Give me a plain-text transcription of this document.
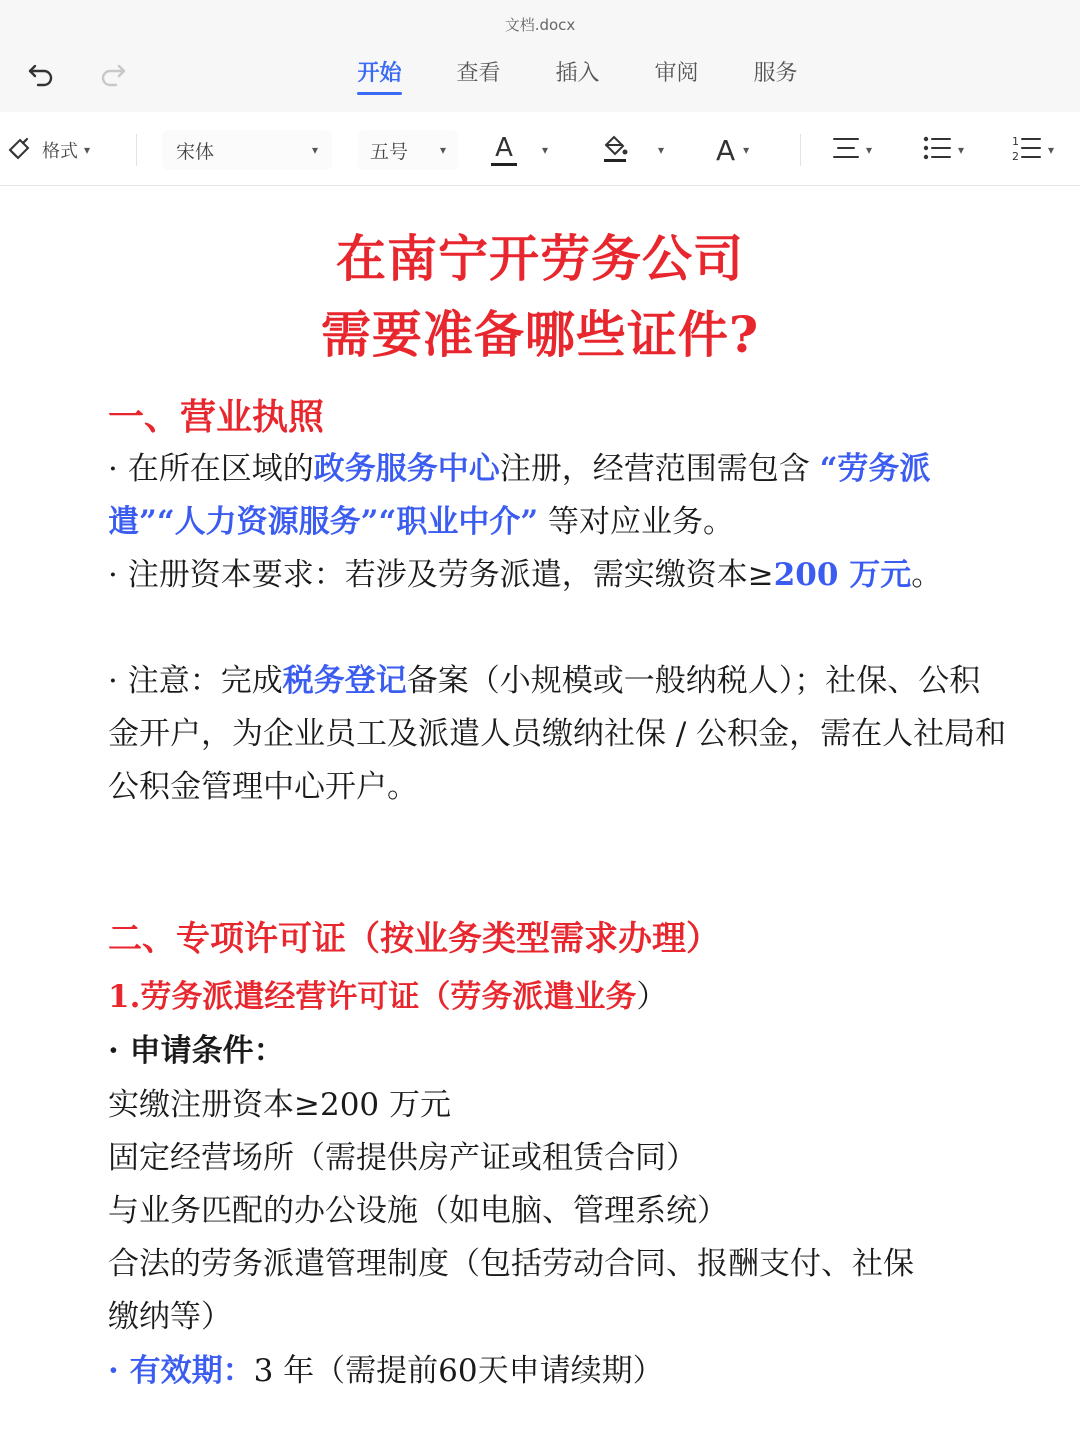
文档.docx
开始	查看	插入	审阅	服务
格式 ▾	宋体	▾	五号	▾ A ▾	▾ A ▾	▾	▾
1
2 ▾
在南宁开劳务公司
需要准备哪些证件?
一、营业执照
· 在所在区域的政务服务中心注册，经营范围需包含 “劳务派遣”“人力资源服务”“职业中介” 等对应业务。
· 注册资本要求：若涉及劳务派遣，需实缴资本≥200 万元。
· 注意：完成税务登记备案（小规模或一般纳税人）；社保、公积金开户，为企业员工及派遣人员缴纳社保 / 公积金，需在人社局和公积金管理中心开户。
二、专项许可证（按业务类型需求办理）
1.劳务派遣经营许可证（劳务派遣业务）
· 申请条件：
实缴注册资本≥200 万元
固定经营场所（需提供房产证或租赁合同）
与业务匹配的办公设施（如电脑、管理系统）
合法的劳务派遣管理制度（包括劳动合同、报酬支付、社保
缴纳等）
· 有效期：3 年（需提前60天申请续期）
